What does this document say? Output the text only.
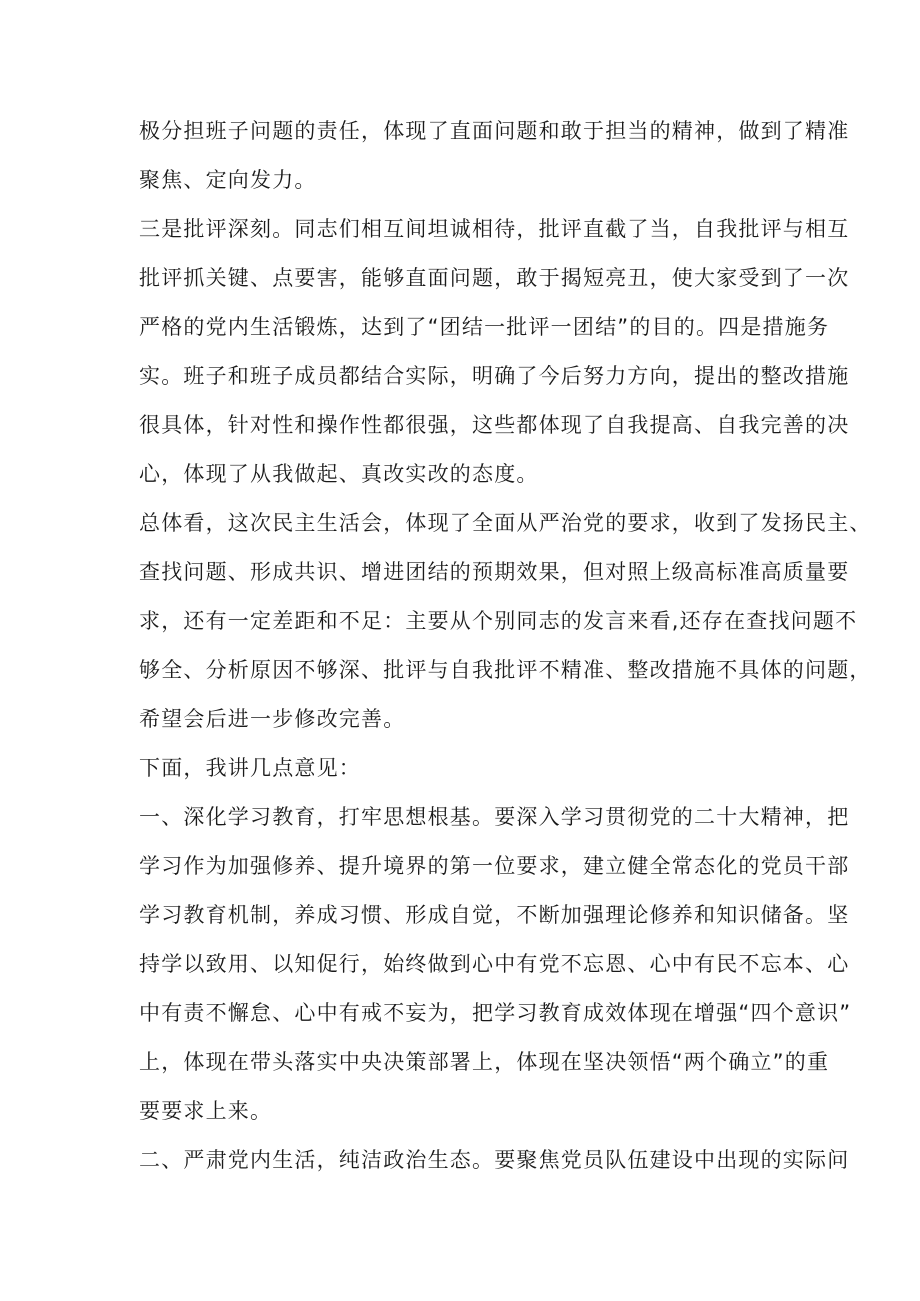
极分担班子问题的责任，体现了直面问题和敢于担当的精神，做到了精准

聚焦、定向发力。

三是批评深刻。同志们相互间坦诚相待，批评直截了当，自我批评与相互

批评抓关键、点要害，能够直面问题，敢于揭短亮丑，使大家受到了一次

严格的党内生活锻炼，达到了“团结一批评一团结”的目的。四是措施务

实。班子和班子成员都结合实际，明确了今后努力方向，提出的整改措施

很具体，针对性和操作性都很强，这些都体现了自我提高、自我完善的决

心，体现了从我做起、真改实改的态度。

总体看，这次民主生活会，体现了全面从严治党的要求，收到了发扬民主、

查找问题、形成共识、增进团结的预期效果，但对照上级高标准高质量要

求，还有一定差距和不足：主要从个别同志的发言来看,还存在查找问题不

够全、分析原因不够深、批评与自我批评不精准、整改措施不具体的问题，

希望会后进一步修改完善。

下面，我讲几点意见：

一、深化学习教育，打牢思想根基。要深入学习贯彻党的二十大精神，把

学习作为加强修养、提升境界的第一位要求，建立健全常态化的党员干部

学习教育机制，养成习惯、形成自觉，不断加强理论修养和知识储备。坚

持学以致用、以知促行，始终做到心中有党不忘恩、心中有民不忘本、心

中有责不懈怠、心中有戒不妄为，把学习教育成效体现在增强“四个意识”

上，体现在带头落实中央决策部署上，体现在坚决领悟“两个确立”的重

要要求上来。

二、严肃党内生活，纯洁政治生态。要聚焦党员队伍建设中出现的实际问
